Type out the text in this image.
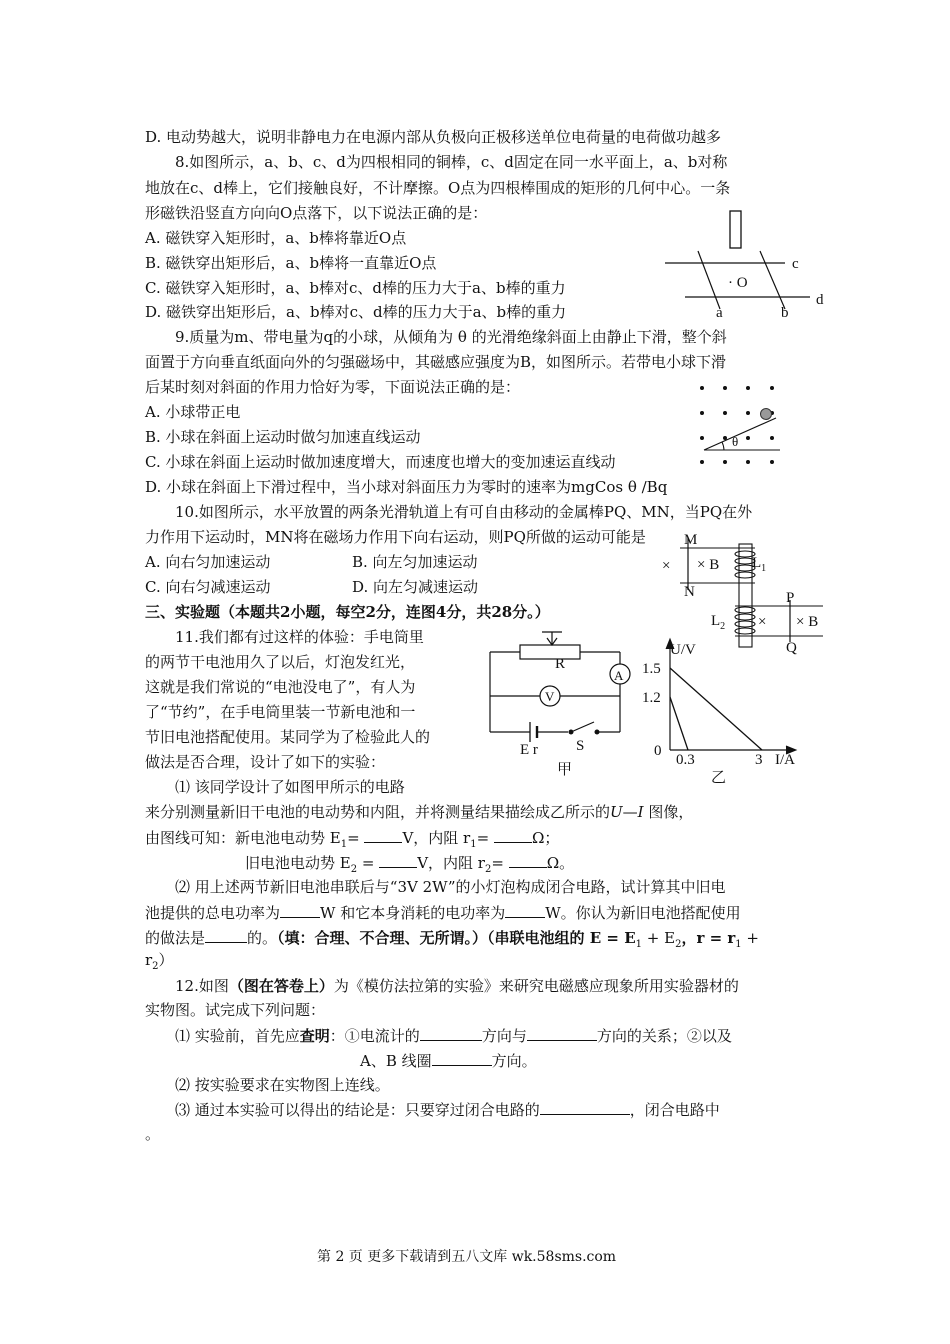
D. 电动势越大，说明非静电力在电源内部从负极向正极移送单位电荷量的电荷做功越多
8.如图所示，a、b、c、d为四根相同的铜棒，c、d固定在同一水平面上，a、b对称
地放在c、d棒上，它们接触良好，不计摩擦。O点为四根棒围成的矩形的几何中心。一条
形磁铁沿竖直方向向O点落下，以下说法正确的是：
A. 磁铁穿入矩形时，a、b棒将靠近O点
B. 磁铁穿出矩形后，a、b棒将一直靠近O点
C. 磁铁穿入矩形时，a、b棒对c、d棒的压力大于a、b棒的重力
D. 磁铁穿出矩形后，a、b棒对c、d棒的压力大于a、b棒的重力
c
d
· O
a	b
9.质量为m、带电量为q的小球，从倾角为 θ 的光滑绝缘斜面上由静止下滑，整个斜
面置于方向垂直纸面向外的匀强磁场中，其磁感应强度为B，如图所示。若带电小球下滑
后某时刻对斜面的作用力恰好为零，下面说法正确的是：
A. 小球带正电
B. 小球在斜面上运动时做匀加速直线运动
C. 小球在斜面上运动时做加速度增大，而速度也增大的变加速运直线动
D. 小球在斜面上下滑过程中，当小球对斜面压力为零时的速率为mgCos θ /Bq
θ
10.如图所示，水平放置的两条光滑轨道上有可自由移动的金属棒PQ、MN，当PQ在外
力作用下运动时，MN将在磁场力作用下向右运动，则PQ所做的运动可能是
A. 向右匀加速运动	B. 向左匀加速运动
C. 向右匀减速运动	D. 向左匀减速运动
M
N
× × B $L_1$
$L_2$
P
Q
× × B
三、实验题（本题共2小题，每空2分，连图4分，共28分。）
11.我们都有过这样的体验：手电筒里
的两节干电池用久了以后，灯泡发红光，
这就是我们常说的“电池没电了”，有人为
了“节约”，在手电筒里装一节新电池和一
节旧电池搭配使用。某同学为了检验此人的
做法是否合理，设计了如下的实验：
R
A
V
E r	S
甲
U/V
1.5
1.2
0
0.3	3 I/A
乙
⑴ 该同学设计了如图甲所示的电路
来分别测量新旧干电池的电动势和内阻，并将测量结果描绘成乙所示的U—I 图像，
由图线可知：新电池电动势 $E_1=$	V，内阻 $r_1=$	Ω；
旧电池电动势 $E_2$ =	V，内阻 $r_2=$	Ω。
⑵ 用上述两节新旧电池串联后与“3V 2W”的小灯泡构成闭合电路，试计算其中旧电
池提供的总电功率为	W 和它本身消耗的电功率为	W。你认为新旧电池搭配使用
的做法是	的。（填：合理、不合理、无所谓。）（串联电池组的 $E = E_1 + E_2$，$r = r_1$ +
$r_2$）
12.如图（图在答卷上）为《模仿法拉第的实验》来研究电磁感应现象所用实验器材的
实物图。试完成下列问题：
⑴ 实验前，首先应查明：①电流计的	方向与	方向的关系；②以及
A、B 线圈	方向。
⑵ 按实验要求在实物图上连线。
⑶ 通过本实验可以得出的结论是：只要穿过闭合电路的	，闭合电路中
。
第 2 页 更多下载请到五八文库 wk.58sms.com
